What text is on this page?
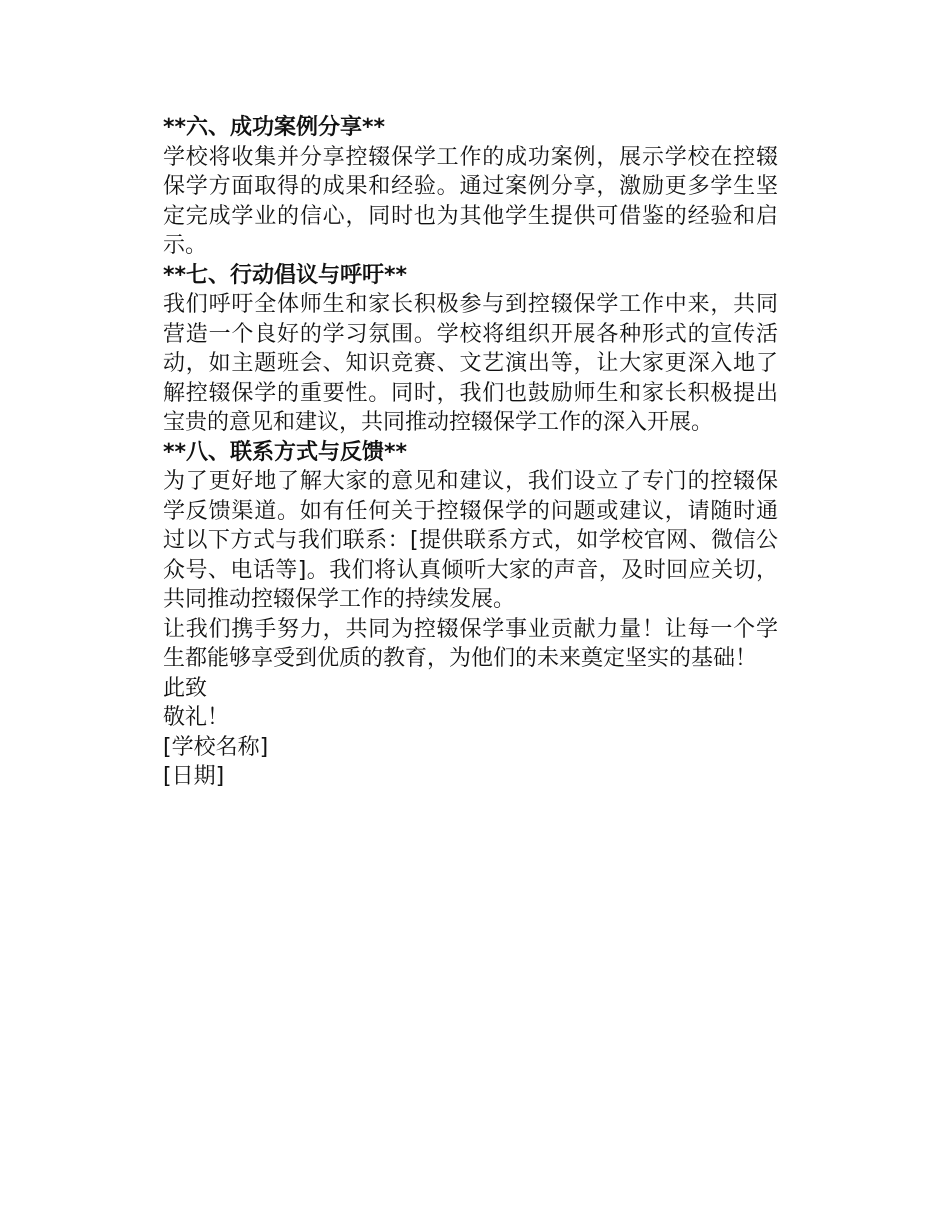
**六、成功案例分享**

学校将收集并分享控辍保学工作的成功案例，展示学校在控辍保学方面取得的成果和经验。通过案例分享，激励更多学生坚定完成学业的信心，同时也为其他学生提供可借鉴的经验和启示。

**七、行动倡议与呼吁**

我们呼吁全体师生和家长积极参与到控辍保学工作中来，共同营造一个良好的学习氛围。学校将组织开展各种形式的宣传活动，如主题班会、知识竞赛、文艺演出等，让大家更深入地了解控辍保学的重要性。同时，我们也鼓励师生和家长积极提出宝贵的意见和建议，共同推动控辍保学工作的深入开展。

**八、联系方式与反馈**

为了更好地了解大家的意见和建议，我们设立了专门的控辍保学反馈渠道。如有任何关于控辍保学的问题或建议，请随时通过以下方式与我们联系：[提供联系方式，如学校官网、微信公众号、电话等]。我们将认真倾听大家的声音，及时回应关切，共同推动控辍保学工作的持续发展。

让我们携手努力，共同为控辍保学事业贡献力量！让每一个学生都能够享受到优质的教育，为他们的未来奠定坚实的基础！

此致
敬礼！
[学校名称]
[日期]
